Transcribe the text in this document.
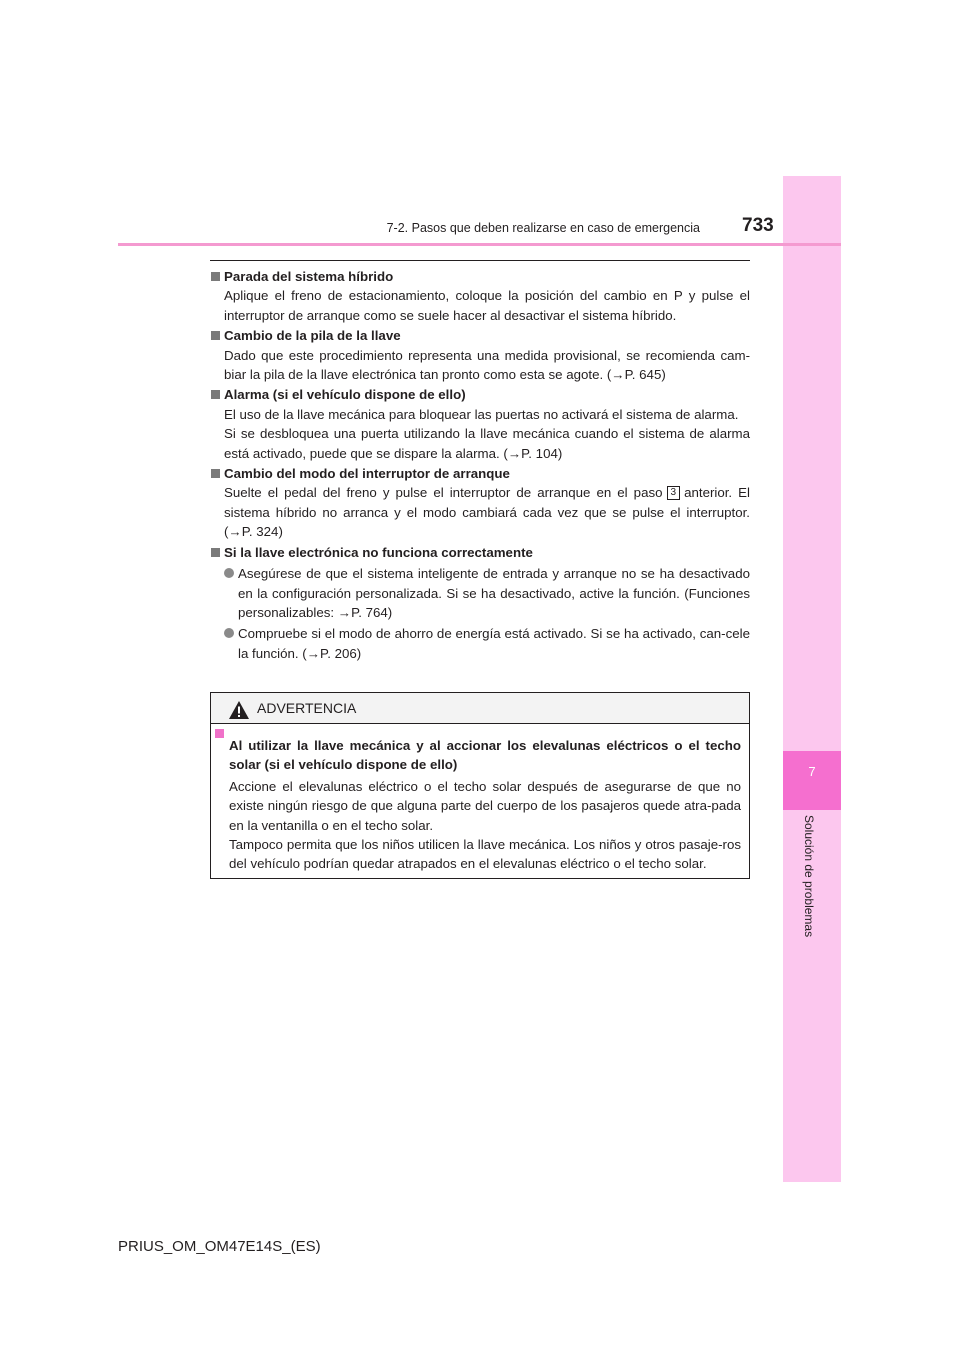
7
Solución de problemas
7-2. Pasos que deben realizarse en caso de emergencia 733
Parada del sistema híbrido
Aplique el freno de estacionamiento, coloque la posición del cambio en P y pulse el interruptor de arranque como se suele hacer al desactivar el sistema híbrido.
Cambio de la pila de la llave
Dado que este procedimiento representa una medida provisional, se recomienda cam-biar la pila de la llave electrónica tan pronto como esta se agote. (→P. 645)
Alarma (si el vehículo dispone de ello)

El uso de la llave mecánica para bloquear las puertas no activará el sistema de alarma.

Si se desbloquea una puerta utilizando la llave mecánica cuando el sistema de alarma está activado, puede que se dispare la alarma. (→P. 104)

Cambio del modo del interruptor de arranque
Suelte el pedal del freno y pulse el interruptor de arranque en el paso 3 anterior. El sistema híbrido no arranca y el modo cambiará cada vez que se pulse el interruptor. (→P. 324)
Si la llave electrónica no funciona correctamente
Asegúrese de que el sistema inteligente de entrada y arranque no se ha desactivado en la configuración personalizada. Si se ha desactivado, active la función. (Funciones personalizables: →P. 764)
Compruebe si el modo de ahorro de energía está activado. Si se ha activado, can-cele la función. (→P. 206)
ADVERTENCIA
Al utilizar la llave mecánica y al accionar los elevalunas eléctricos o el techo solar (si el vehículo dispone de ello)
Accione el elevalunas eléctrico o el techo solar después de asegurarse de que no existe ningún riesgo de que alguna parte del cuerpo de los pasajeros quede atra-pada en la ventanilla o en el techo solar.
Tampoco permita que los niños utilicen la llave mecánica. Los niños y otros pasaje-ros del vehículo podrían quedar atrapados en el elevalunas eléctrico o el techo solar.
PRIUS_OM_OM47E14S_(ES)
